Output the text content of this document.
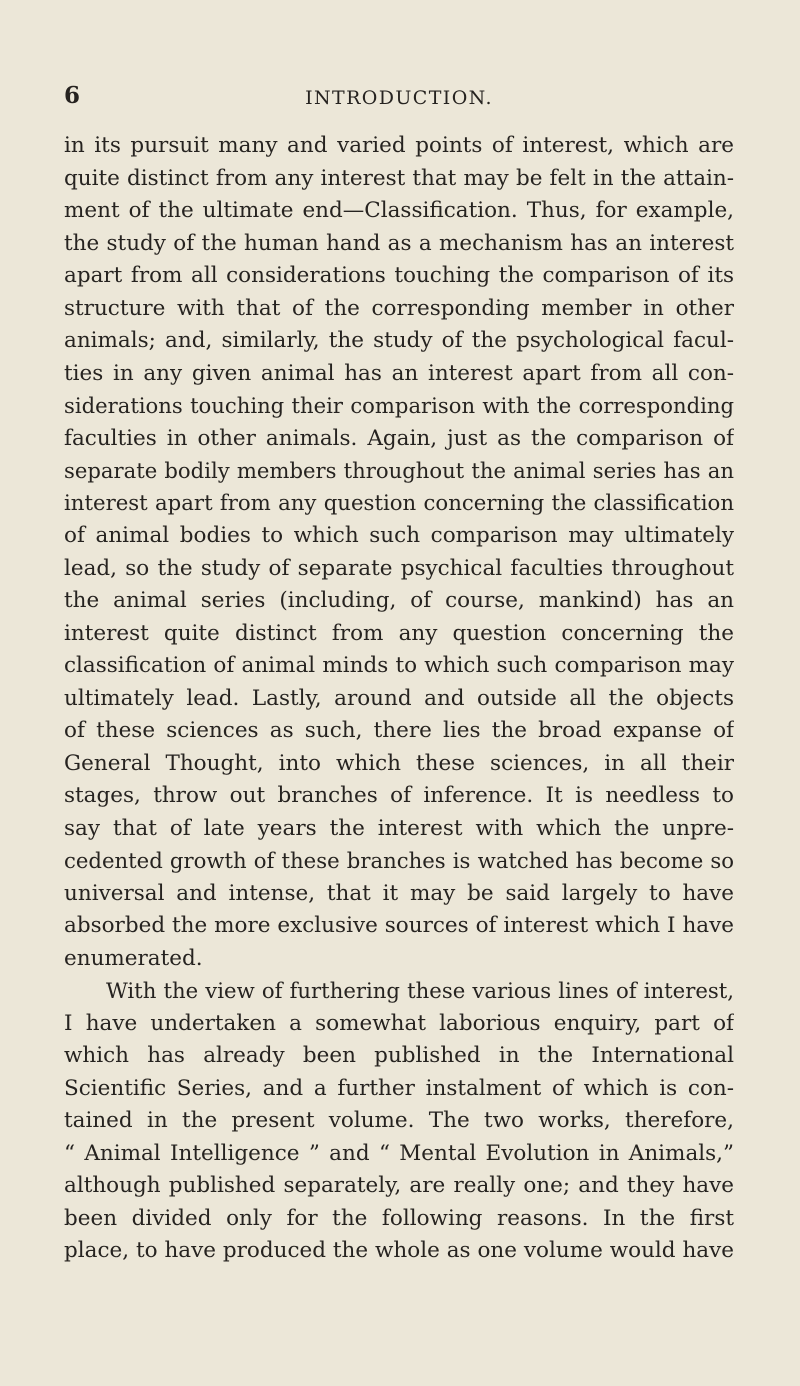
6	INTRODUCTION.
in its pursuit many and varied points of interest, which are
quite distinct from any interest that may be felt in the attain-
ment of the ultimate end—Classification. Thus, for example,
the study of the human hand as a mechanism has an interest
apart from all considerations touching the comparison of its
structure with that of the corresponding member in other
animals; and, similarly, the study of the psychological facul-
ties in any given animal has an interest apart from all con-
siderations touching their comparison with the corresponding
faculties in other animals. Again, just as the comparison of
separate bodily members throughout the animal series has an
interest apart from any question concerning the classification
of animal bodies to which such comparison may ultimately
lead, so the study of separate psychical faculties throughout
the animal series (including, of course, mankind) has an
interest quite distinct from any question concerning the
classification of animal minds to which such comparison may
ultimately lead. Lastly, around and outside all the objects
of these sciences as such, there lies the broad expanse of
General Thought, into which these sciences, in all their
stages, throw out branches of inference. It is needless to
say that of late years the interest with which the unpre-
cedented growth of these branches is watched has become so
universal and intense, that it may be said largely to have
absorbed the more exclusive sources of interest which I have
enumerated.
With the view of furthering these various lines of interest,
I have undertaken a somewhat laborious enquiry, part of
which has already been published in the International
Scientific Series, and a further instalment of which is con-
tained in the present volume. The two works, therefore,
“ Animal Intelligence ” and “ Mental Evolution in Animals,”
although published separately, are really one; and they have
been divided only for the following reasons. In the first
place, to have produced the whole as one volume would have
